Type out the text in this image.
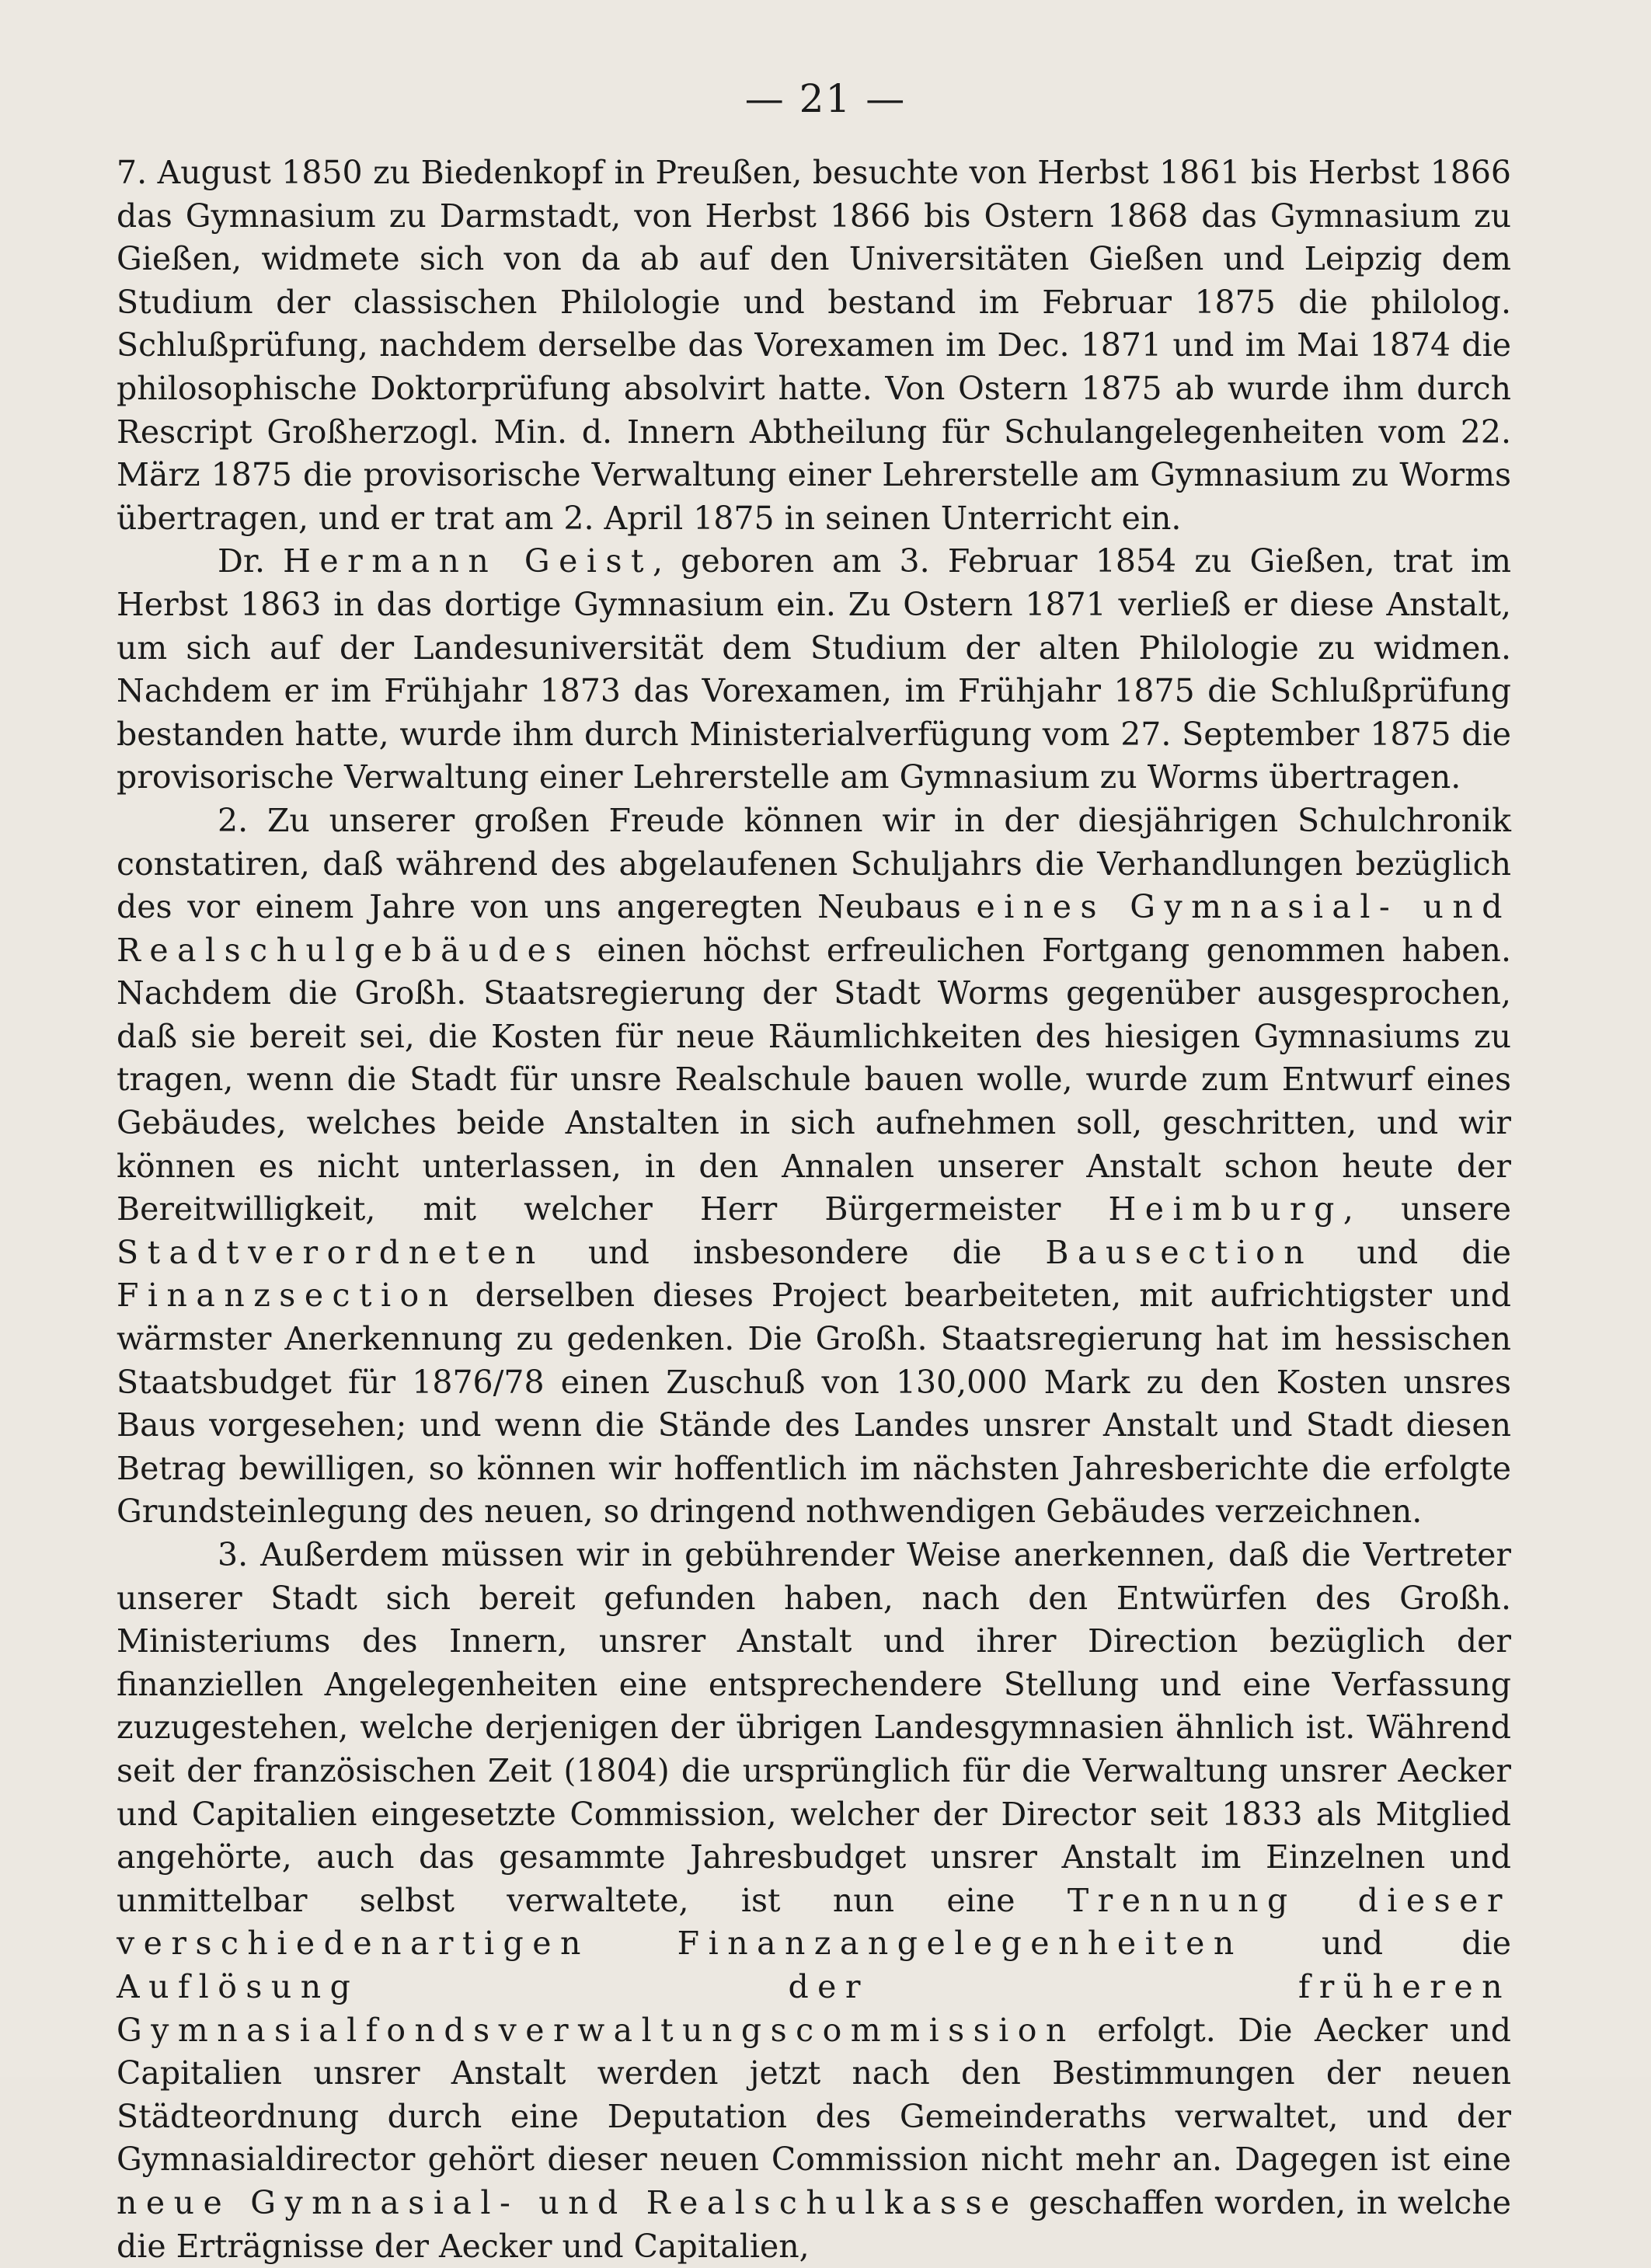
— 21 —

7. August 1850 zu Biedenkopf in Preußen, besuchte von Herbst 1861 bis Herbst 1866 das Gymnasium zu Darmstadt, von Herbst 1866 bis Ostern 1868 das Gymnasium zu Gießen, widmete sich von da ab auf den Universitäten Gießen und Leipzig dem Studium der classischen Philologie und bestand im Februar 1875 die philolog. Schlußprüfung, nachdem derselbe das Vorexamen im Dec. 1871 und im Mai 1874 die philosophische Doktorprüfung absolvirt hatte. Von Ostern 1875 ab wurde ihm durch Rescript Großherzogl. Min. d. Innern Abtheilung für Schulangelegenheiten vom 22. März 1875 die provisorische Verwaltung einer Lehrerstelle am Gymnasium zu Worms übertragen, und er trat am 2. April 1875 in seinen Unterricht ein.

Dr. Hermann Geist, geboren am 3. Februar 1854 zu Gießen, trat im Herbst 1863 in das dortige Gymnasium ein. Zu Ostern 1871 verließ er diese Anstalt, um sich auf der Landesuniversität dem Studium der alten Philologie zu widmen. Nachdem er im Frühjahr 1873 das Vorexamen, im Frühjahr 1875 die Schlußprüfung bestanden hatte, wurde ihm durch Ministerialverfügung vom 27. September 1875 die provisorische Verwaltung einer Lehrerstelle am Gymnasium zu Worms übertragen.

2. Zu unserer großen Freude können wir in der diesjährigen Schulchronik constatiren, daß während des abgelaufenen Schuljahrs die Verhandlungen bezüglich des vor einem Jahre von uns angeregten Neubaus eines Gymnasial- und Realschulgebäudes einen höchst erfreulichen Fortgang genommen haben. Nachdem die Großh. Staatsregierung der Stadt Worms gegenüber ausgesprochen, daß sie bereit sei, die Kosten für neue Räumlichkeiten des hiesigen Gymnasiums zu tragen, wenn die Stadt für unsre Realschule bauen wolle, wurde zum Entwurf eines Gebäudes, welches beide Anstalten in sich aufnehmen soll, geschritten, und wir können es nicht unterlassen, in den Annalen unserer Anstalt schon heute der Bereitwilligkeit, mit welcher Herr Bürgermeister Heimburg, unsere Stadtverordneten und insbesondere die Bausection und die Finanzsection derselben dieses Project bearbeiteten, mit aufrichtigster und wärmster Anerkennung zu gedenken. Die Großh. Staatsregierung hat im hessischen Staatsbudget für 1876/78 einen Zuschuß von 130,000 Mark zu den Kosten unsres Baus vorgesehen; und wenn die Stände des Landes unsrer Anstalt und Stadt diesen Betrag bewilligen, so können wir hoffentlich im nächsten Jahresberichte die erfolgte Grundsteinlegung des neuen, so dringend nothwendigen Gebäudes verzeichnen.

3. Außerdem müssen wir in gebührender Weise anerkennen, daß die Vertreter unserer Stadt sich bereit gefunden haben, nach den Entwürfen des Großh. Ministeriums des Innern, unsrer Anstalt und ihrer Direction bezüglich der finanziellen Angelegenheiten eine entsprechendere Stellung und eine Verfassung zuzugestehen, welche derjenigen der übrigen Landesgymnasien ähnlich ist. Während seit der französischen Zeit (1804) die ursprünglich für die Verwaltung unsrer Aecker und Capitalien eingesetzte Commission, welcher der Director seit 1833 als Mitglied angehörte, auch das gesammte Jahresbudget unsrer Anstalt im Einzelnen und unmittelbar selbst verwaltete, ist nun eine Trennung dieser verschiedenartigen Finanzangelegenheiten und die Auflösung der früheren Gymnasialfondsverwaltungscommission erfolgt. Die Aecker und Capitalien unsrer Anstalt werden jetzt nach den Bestimmungen der neuen Städteordnung durch eine Deputation des Gemeinderaths verwaltet, und der Gymnasialdirector gehört dieser neuen Commission nicht mehr an. Dagegen ist eine neue Gymnasial- und Realschulkasse geschaffen worden, in welche die Erträgnisse der Aecker und Capitalien,
